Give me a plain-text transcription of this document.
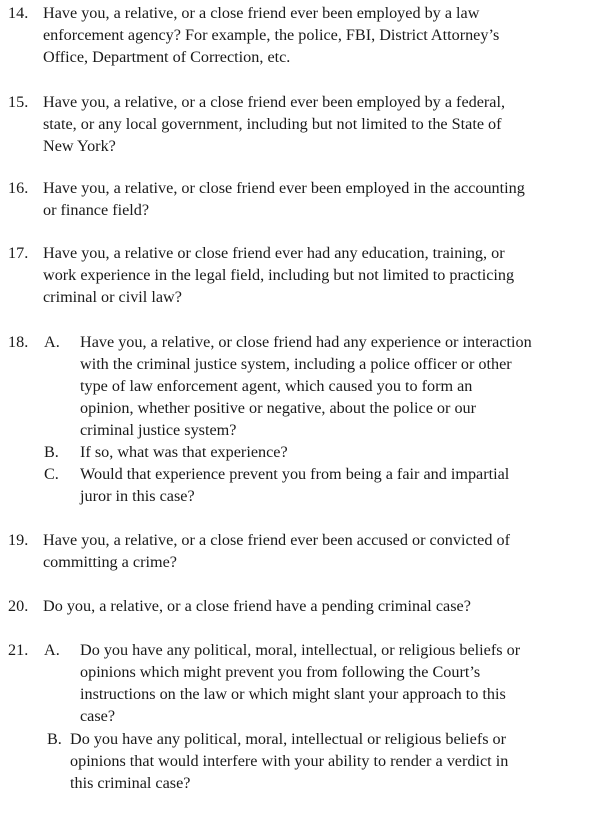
14. Have you, a relative, or a close friend ever been employed by a law
enforcement agency? For example, the police, FBI, District Attorney’s
Office, Department of Correction, etc.
15. Have you, a relative, or a close friend ever been employed by a federal,
state, or any local government, including but not limited to the State of
New York?
16. Have you, a relative, or close friend ever been employed in the accounting
or finance field?
17. Have you, a relative or close friend ever had any education, training, or
work experience in the legal field, including but not limited to practicing
criminal or civil law?
18. A. Have you, a relative, or close friend had any experience or interaction
with the criminal justice system, including a police officer or other
type of law enforcement agent, which caused you to form an
opinion, whether positive or negative, about the police or our
criminal justice system?
B. If so, what was that experience?
C. Would that experience prevent you from being a fair and impartial
juror in this case?
19. Have you, a relative, or a close friend ever been accused or convicted of
committing a crime?
20. Do you, a relative, or a close friend have a pending criminal case?
21. A. Do you have any political, moral, intellectual, or religious beliefs or
opinions which might prevent you from following the Court’s
instructions on the law or which might slant your approach to this
case?
B. Do you have any political, moral, intellectual or religious beliefs or
opinions that would interfere with your ability to render a verdict in
this criminal case?
